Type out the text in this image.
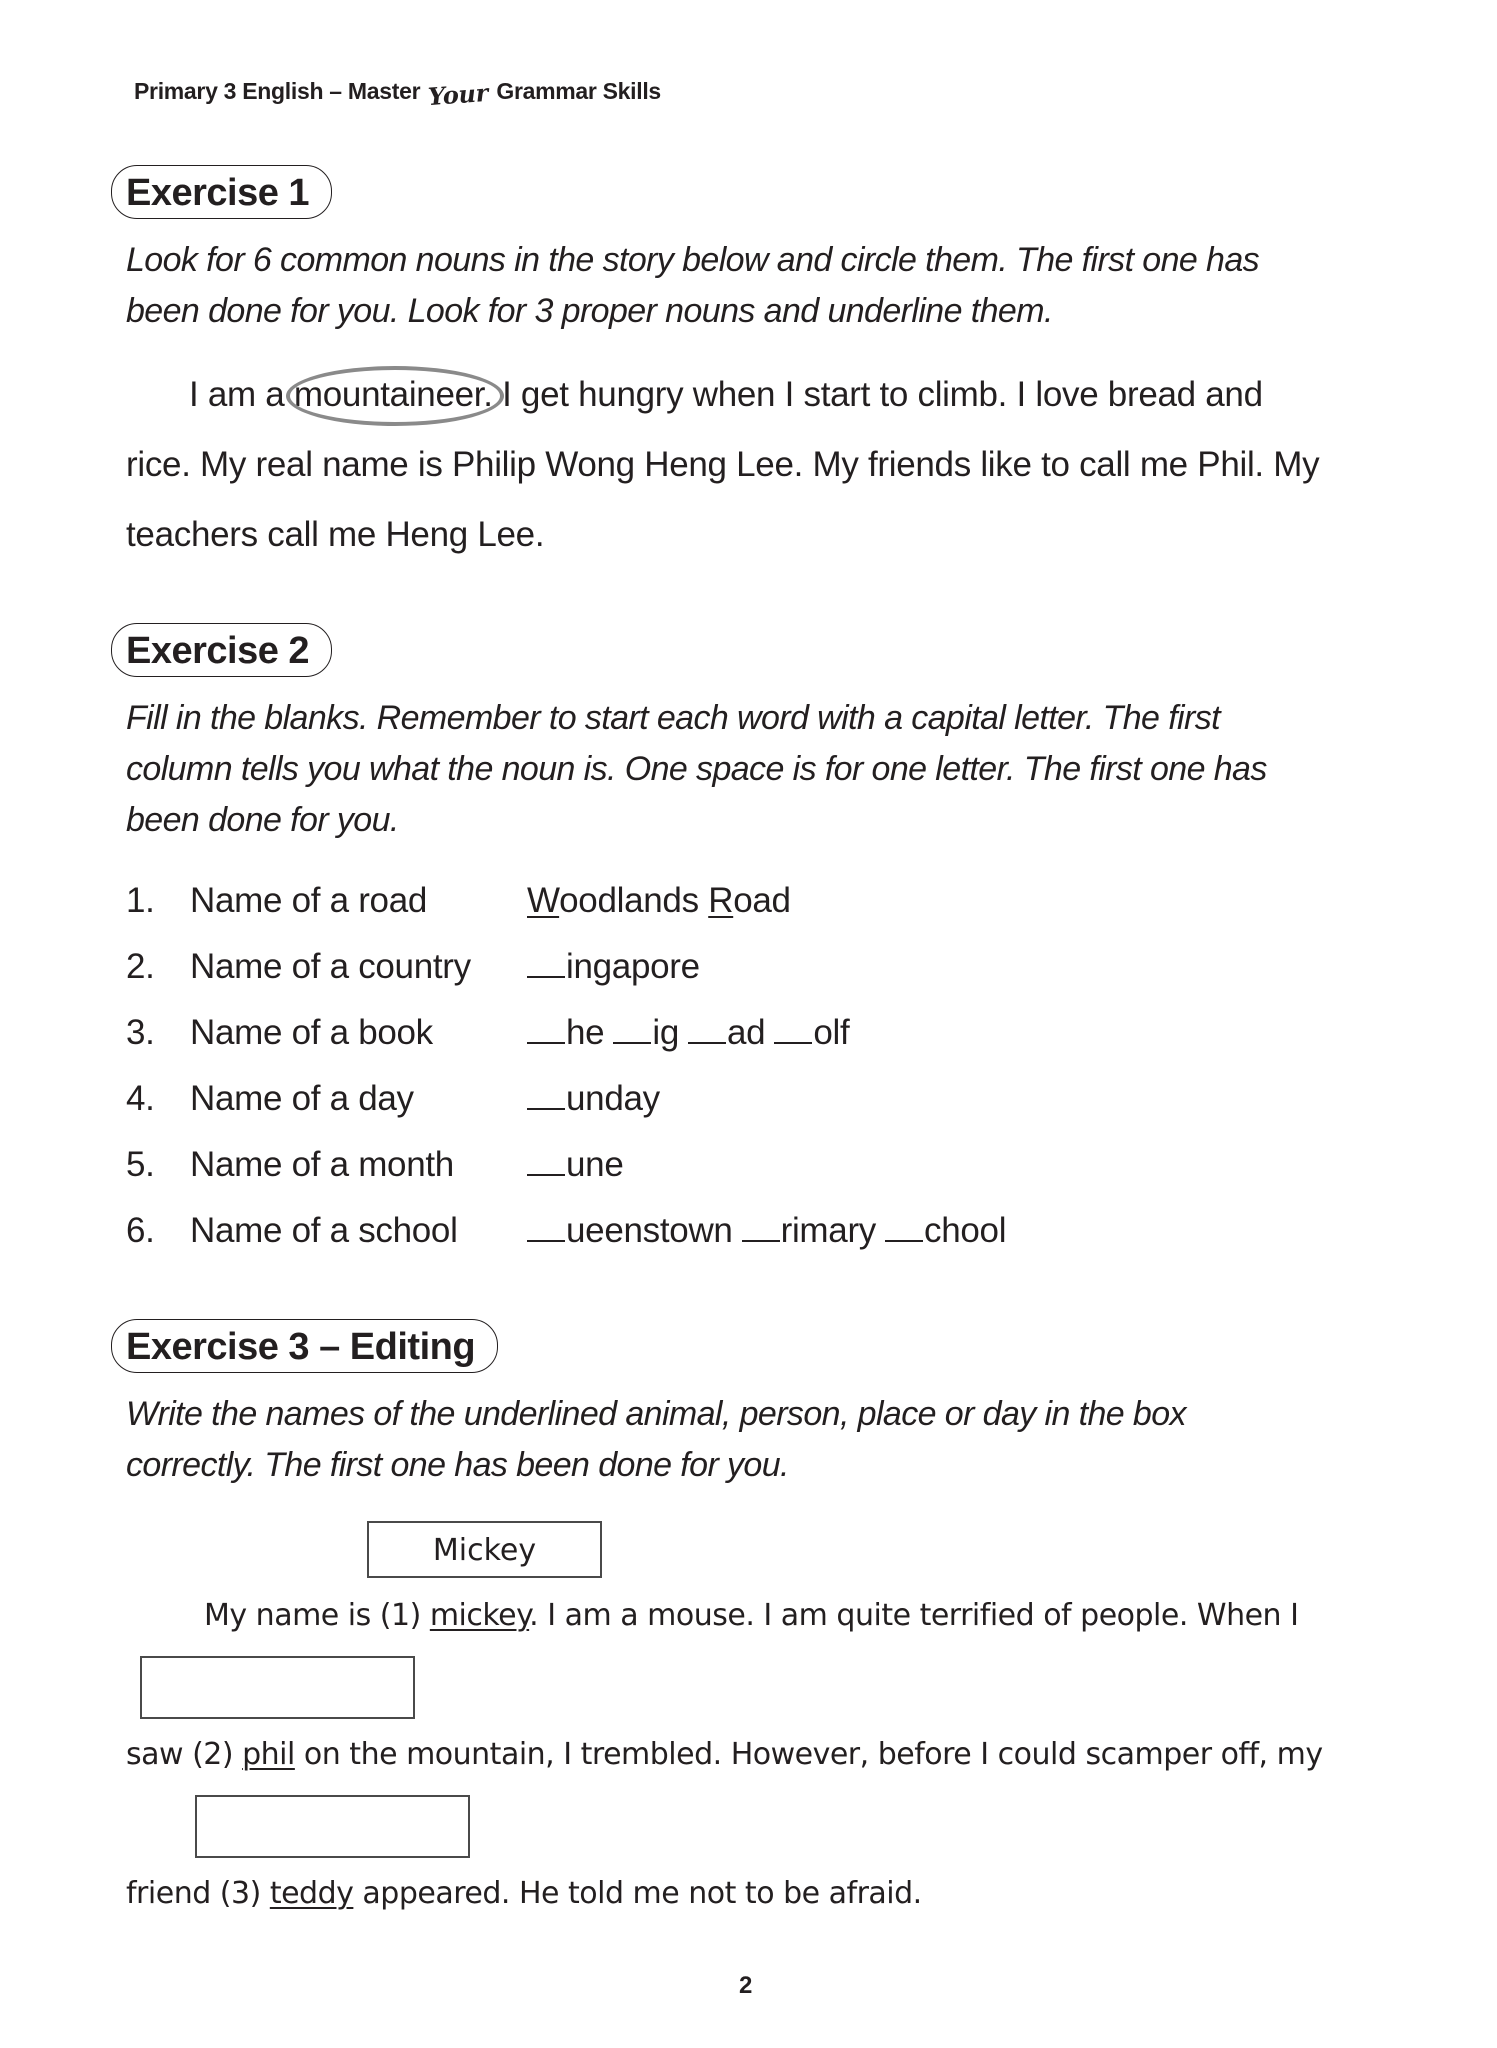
Primary 3 English – Master Your Grammar Skills
Exercise 1
Look for 6 common nouns in the story below and circle them. The first one has
been done for you. Look for 3 proper nouns and underline them.
I am a
mountaineer. I get hungry when I start to climb. I love bread and
rice. My real name is Philip Wong Heng Lee. My friends like to call me Phil. My
teachers call me Heng Lee.
Exercise 2
Fill in the blanks. Remember to start each word with a capital letter. The first
column tells you what the noun is. One space is for one letter. The first one has
been done for you.
1.	Name of a road	Woodlands Road
2.	Name of a country	ingapore
3.	Name of a book	he ig ad olf
4.	Name of a day	unday
5.	Name of a month	une
6.	Name of a school	ueenstown rimary chool
Exercise 3 – Editing
Write the names of the underlined animal, person, place or day in the box
correctly. The first one has been done for you.
Mickey
My name is (1) mickey. I am a mouse. I am quite terrified of people. When I
saw (2) phil on the mountain, I trembled. However, before I could scamper off, my
friend (3) teddy appeared. He told me not to be afraid.
2
